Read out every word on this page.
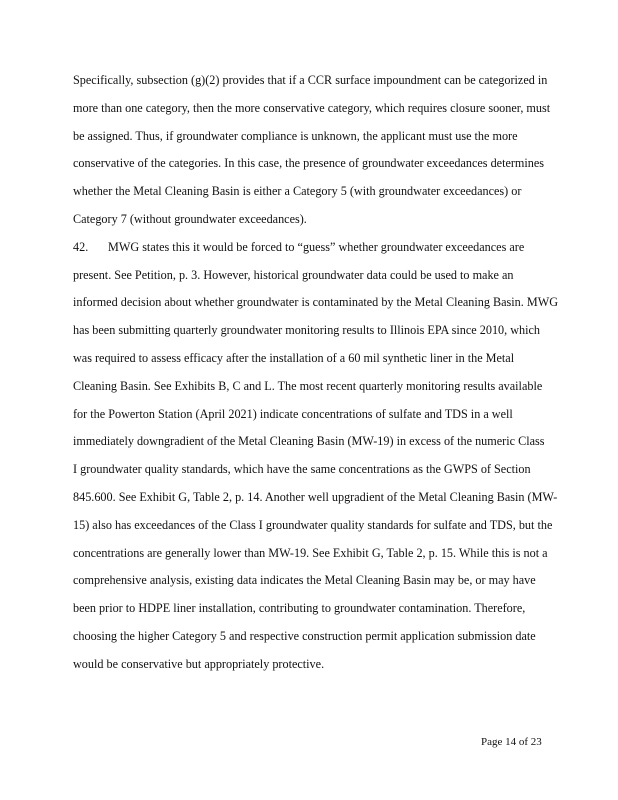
Specifically, subsection (g)(2) provides that if a CCR surface impoundment can be categorized in
more than one category, then the more conservative category, which requires closure sooner, must
be assigned. Thus, if groundwater compliance is unknown, the applicant must use the more
conservative of the categories. In this case, the presence of groundwater exceedances determines
whether the Metal Cleaning Basin is either a Category 5 (with groundwater exceedances) or
Category 7 (without groundwater exceedances).
42. MWG states this it would be forced to “guess” whether groundwater exceedances are
present. See Petition, p. 3. However, historical groundwater data could be used to make an
informed decision about whether groundwater is contaminated by the Metal Cleaning Basin. MWG
has been submitting quarterly groundwater monitoring results to Illinois EPA since 2010, which
was required to assess efficacy after the installation of a 60 mil synthetic liner in the Metal
Cleaning Basin. See Exhibits B, C and L. The most recent quarterly monitoring results available
for the Powerton Station (April 2021) indicate concentrations of sulfate and TDS in a well
immediately downgradient of the Metal Cleaning Basin (MW-19) in excess of the numeric Class
I groundwater quality standards, which have the same concentrations as the GWPS of Section
845.600. See Exhibit G, Table 2, p. 14. Another well upgradient of the Metal Cleaning Basin (MW-
15) also has exceedances of the Class I groundwater quality standards for sulfate and TDS, but the
concentrations are generally lower than MW-19. See Exhibit G, Table 2, p. 15. While this is not a
comprehensive analysis, existing data indicates the Metal Cleaning Basin may be, or may have
been prior to HDPE liner installation, contributing to groundwater contamination. Therefore,
choosing the higher Category 5 and respective construction permit application submission date
would be conservative but appropriately protective.
Page 14 of 23
